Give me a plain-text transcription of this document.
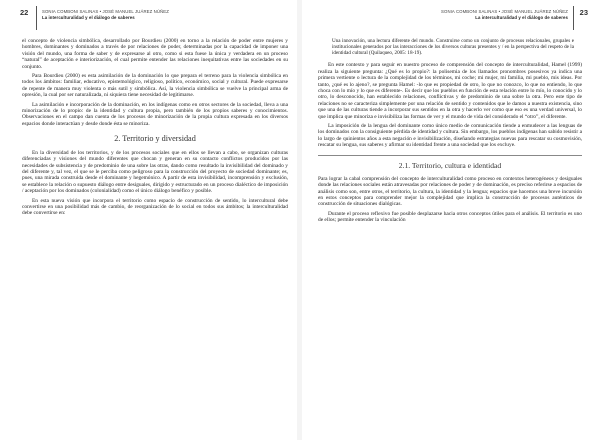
22	SONIA COMBONI SALINAS • JOSÉ MANUEL JUÁREZ NÚÑEZ
La interculturalidad y el diálogo de saberes

el concepto de violencia simbólica, desarrollado por Bourdieu (2000) en torno a la relación de poder entre mujeres y hombres, dominantes y dominados a través de por relaciones de poder, determinadas por la capacidad de imponer una visión del mundo, una forma de saber y de expresarse al otro, como si esta fuese la única y verdadera en un proceso “natural” de aceptación e interiorización, el cual permite entender las relaciones inequitativas entre las sociedades en su conjunto.

Para Bourdieu (2000) es esta asimilación de la dominación lo que prepara el terreno para la violencia simbólica en todos los ámbitos: familiar, educativo, epistemológico, religioso, político, económico, social y cultural. Puede expresarse de repente de manera muy violenta o más sutil y simbólica. Así, la violencia simbólica se vuelve la principal arma de opresión, la cual por ser naturalizada, ni siquiera tiene necesidad de legitimarse.

La asimilación e incorporación de la dominación, en los indígenas como en otros sectores de la sociedad, lleva a una minorización de lo propio: de la identidad y cultura propia, pero también de los propios saberes y conocimientos. Observaciones en el campo dan cuenta de los procesos de minorización de la propia cultura expresada en los diversos espacios donde interactúan y desde donde ésta se minoriza.

2. Territorio y diversidad

En la diversidad de los territorios, y de los procesos sociales que en ellos se llevan a cabo, se organizan culturas diferenciadas y visiones del mundo diferentes que chocan y generan en su contacto conflictos producidos por las necesidades de subsistencia y de predominio de una sobre las otras, dando como resultado la invisibilidad del dominado y del diferente y, tal vez, el que se le perciba como peligroso para la construcción del proyecto de sociedad dominante; es, pues, una mirada construida desde el dominante y hegemónico. A partir de esta invisibilidad, incomprensión y exclusión, se establece la relación o supuesto diálogo entre desiguales, dirigido y estructurado en un proceso dialéctico de imposición / aceptación por los dominados (colonialidad) como el único diálogo benéfico y posible.

En esta nueva visión que incorpora el territorio como espacio de construcción de sentido, lo intercultural debe convertirse en una posibilidad más de cambio, de reorganización de lo social en todos sus ámbitos; la interculturalidad debe convertirse en:

SONIA COMBONI SALINAS • JOSÉ MANUEL JUÁREZ NÚÑEZ
La interculturalidad y el diálogo de saberes
23
Una innovación, una lectura diferente del mundo. Construirse como un conjunto de procesos relacionales, grupales e institucionales generados por las interacciones de los diversos culturas presentes y / en la perspectiva del respeto de la identidad cultural (Quilaqueo, 2005: 18-19).

En este contexto y para seguir en nuestro proceso de comprensión del concepto de interculturalidad, Hamel (1999) realiza la siguiente pregunta: ¿Qué es lo propio?: la polisemia de los llamados pronombres posesivos ya indica una primera vertiente o lectura de la complejidad de los términos, mi coche; mi mujer, mi familia, mi pueblo, mis ideas. Por tanto, ¿qué es lo ajeno?, se pregunta Hamel: -lo que es propiedad de otro, lo que no conozco, lo que no entiendo, lo que choca con lo mío y lo que es diferente-. Es decir que los pueblos en función de esta relación entre lo mío, lo conocido y lo otro, lo desconocido, han establecido relaciones, conflictivas y de predominio de una sobre la otra. Pero este tipo de relaciones no se caracteriza simplemente por una relación de sentido y contenidos que le damos a nuestra existencia, sino que una de las culturas tiende a incorporar sus sentidos en la otra y hacerlo ver como que eso es una verdad universal, lo que implica que minoriza e invisibiliza las formas de ver y el mundo de vida del considerado el “otro”, el diferente.

La imposición de la lengua del dominante como único medio de comunicación tiende a enmudecer a las lenguas de los dominados con la consiguiente pérdida de identidad y cultura. Sin embargo, los pueblos indígenas han sabido resistir a lo largo de quinientos años a esta negación e invisibilización, diseñando estrategias nuevas para rescatar su cosmovisión, rescatar su lengua, sus saberes y afirmar su identidad frente a una sociedad que los excluye.

2.1. Territorio, cultura e identidad

Para lograr la cabal comprensión del concepto de interculturalidad como proceso en contextos heterogéneos y desiguales donde las relaciones sociales están atravesadas por relaciones de poder y de dominación, es preciso referirse a espacios de análisis como son, entre otros, el territorio, la cultura, la identidad y la lengua; espacios que hacemos una breve incursión en estos conceptos para comprender mejor la complejidad que implica la construcción de procesos auténticos de construcción de situaciones dialógicas.

Durante el proceso reflexivo fue posible desplazarse hacia otros conceptos útiles para el análisis. El territorio es uno de ellos; permite entender la vinculación
